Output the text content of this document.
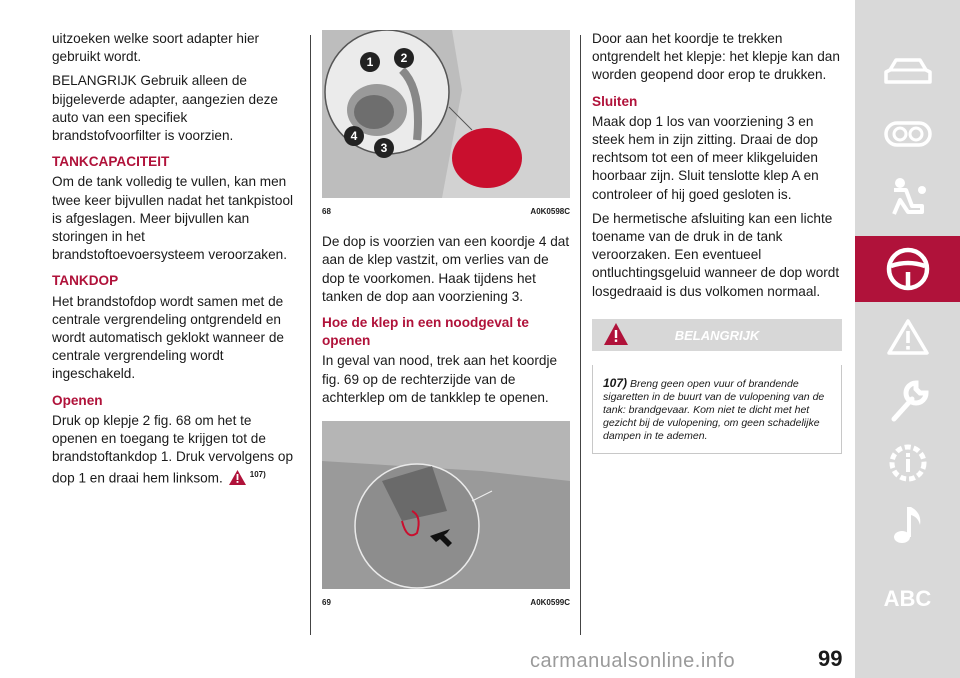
uitzoeken welke soort adapter hier gebruikt wordt.

BELANGRIJK Gebruik alleen de bijgeleverde adapter, aangezien deze auto van een specifiek brandstofvoorfilter is voorzien.

TANKCAPACITEIT

Om de tank volledig te vullen, kan men twee keer bijvullen nadat het tankpistool is afgeslagen. Meer bijvullen kan storingen in het brandstoftoevoersysteem veroorzaken.

TANKDOP

Het brandstofdop wordt samen met de centrale vergrendeling ontgrendeld en wordt automatisch geklokt wanneer de centrale vergrendeling wordt ingeschakeld.

Openen

Druk op klepje 2 fig. 68 om het te openen en toegang te krijgen tot de brandstoftankdop 1. Druk vervolgens op dop 1 en draai hem linksom.	$^{107)}$

1	2
3
4
68	A0K0598C

De dop is voorzien van een koordje 4 dat aan de klep vastzit, om verlies van de dop te voorkomen. Haak tijdens het tanken de dop aan voorziening 3.

Hoe de klep in een noodgeval te openen

In geval van nood, trek aan het koordje fig. 69 op de rechterzijde van de achterklep om de tankklep te openen.

69	A0K0599C

Door aan het koordje te trekken ontgrendelt het klepje: het klepje kan dan worden geopend door erop te drukken.

Sluiten

Maak dop 1 los van voorziening 3 en steek hem in zijn zitting. Draai de dop rechtsom tot een of meer klikgeluiden hoorbaar zijn. Sluit tenslotte klep A en controleer of hij goed gesloten is.

De hermetische afsluiting kan een lichte toename van de druk in de tank veroorzaken. Een eventueel ontluchtingsgeluid wanneer de dop wordt losgedraaid is dus volkomen normaal.

BELANGRIJK
107) Breng geen open vuur of brandende sigaretten in de buurt van de vulopening van de tank: brandgevaar. Kom niet te dicht met het gezicht bij de vulopening, om geen schadelijke dampen in te ademen.
ABC
carmanualsonline.info	99
